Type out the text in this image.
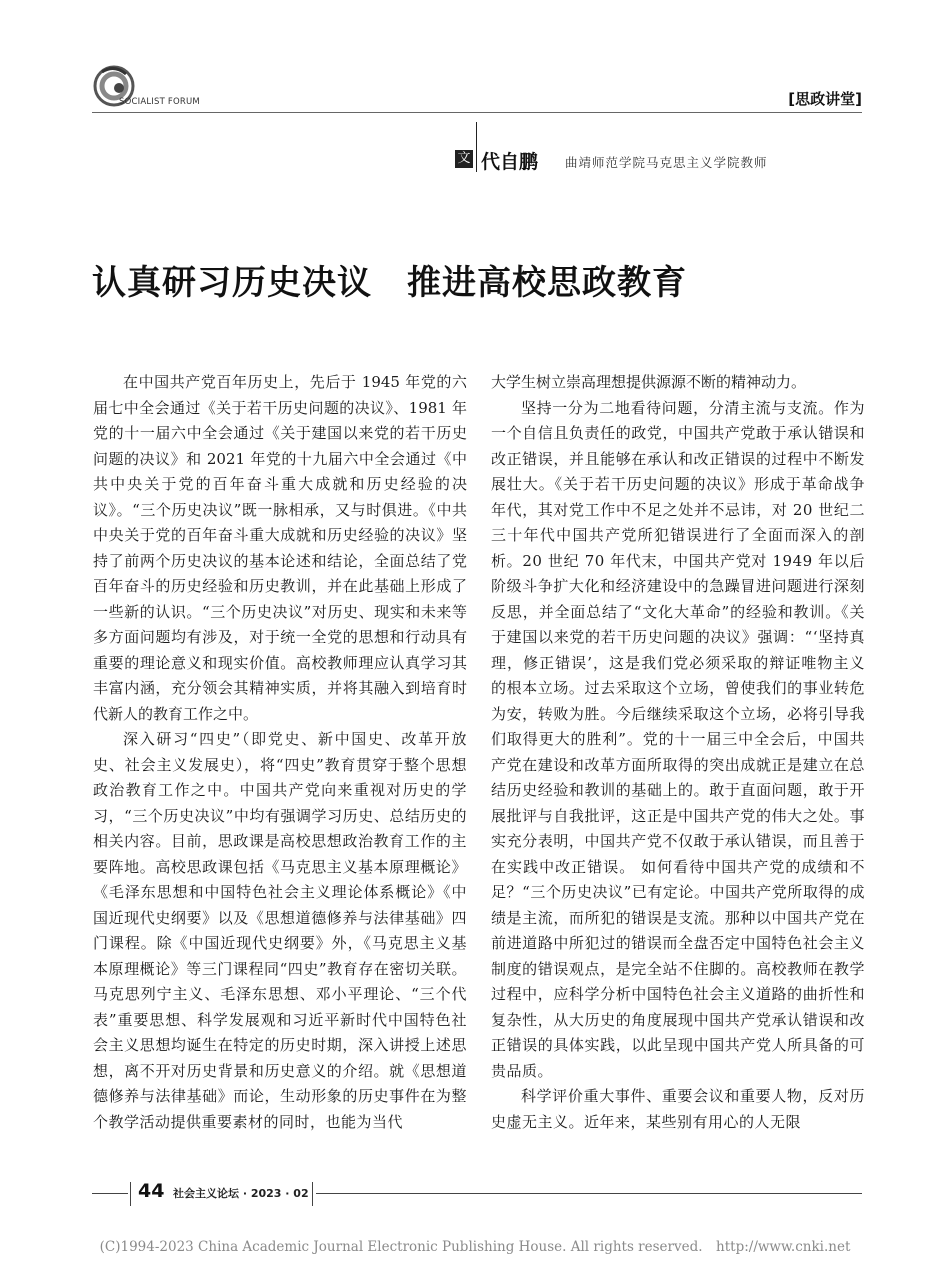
SOCIALIST FORUM	[思政讲堂]
文 代自鹏 曲靖师范学院马克思主义学院教师
认真研习历史决议　推进高校思政教育

在中国共产党百年历史上，先后于 1945 年党的六届七中全会通过《关于若干历史问题的决议》、1981 年党的十一届六中全会通过《关于建国以来党的若干历史问题的决议》和 2021 年党的十九届六中全会通过《中共中央关于党的百年奋斗重大成就和历史经验的决议》。“三个历史决议”既一脉相承，又与时俱进。《中共中央关于党的百年奋斗重大成就和历史经验的决议》坚持了前两个历史决议的基本论述和结论，全面总结了党百年奋斗的历史经验和历史教训，并在此基础上形成了一些新的认识。“三个历史决议”对历史、现实和未来等多方面问题均有涉及，对于统一全党的思想和行动具有重要的理论意义和现实价值。高校教师理应认真学习其丰富内涵，充分领会其精神实质，并将其融入到培育时代新人的教育工作之中。

深入研习“四史”（即党史、新中国史、改革开放史、社会主义发展史），将“四史”教育贯穿于整个思想政治教育工作之中。中国共产党向来重视对历史的学习，“三个历史决议”中均有强调学习历史、总结历史的相关内容。目前，思政课是高校思想政治教育工作的主要阵地。高校思政课包括《马克思主义基本原理概论》《毛泽东思想和中国特色社会主义理论体系概论》《中国近现代史纲要》以及《思想道德修养与法律基础》四门课程。除《中国近现代史纲要》外，《马克思主义基本原理概论》等三门课程同“四史”教育存在密切关联。马克思列宁主义、毛泽东思想、邓小平理论、“三个代表”重要思想、科学发展观和习近平新时代中国特色社会主义思想均诞生在特定的历史时期，深入讲授上述思想，离不开对历史背景和历史意义的介绍。就《思想道德修养与法律基础》而论，生动形象的历史事件在为整个教学活动提供重要素材的同时，也能为当代

大学生树立崇高理想提供源源不断的精神动力。

坚持一分为二地看待问题，分清主流与支流。作为一个自信且负责任的政党，中国共产党敢于承认错误和改正错误，并且能够在承认和改正错误的过程中不断发展壮大。《关于若干历史问题的决议》形成于革命战争年代，其对党工作中不足之处并不忌讳，对 20 世纪二三十年代中国共产党所犯错误进行了全面而深入的剖析。20 世纪 70 年代末，中国共产党对 1949 年以后阶级斗争扩大化和经济建设中的急躁冒进问题进行深刻反思，并全面总结了“文化大革命”的经验和教训。《关于建国以来党的若干历史问题的决议》强调：“‘坚持真理，修正错误’，这是我们党必须采取的辩证唯物主义的根本立场。过去采取这个立场，曾使我们的事业转危为安，转败为胜。今后继续采取这个立场，必将引导我们取得更大的胜利”。党的十一届三中全会后，中国共产党在建设和改革方面所取得的突出成就正是建立在总结历史经验和教训的基础上的。敢于直面问题，敢于开展批评与自我批评，这正是中国共产党的伟大之处。事实充分表明，中国共产党不仅敢于承认错误，而且善于在实践中改正错误。 如何看待中国共产党的成绩和不足？“三个历史决议”已有定论。中国共产党所取得的成绩是主流，而所犯的错误是支流。那种以中国共产党在前进道路中所犯过的错误而全盘否定中国特色社会主义制度的错误观点，是完全站不住脚的。高校教师在教学过程中，应科学分析中国特色社会主义道路的曲折性和复杂性，从大历史的角度展现中国共产党承认错误和改正错误的具体实践，以此呈现中国共产党人所具备的可贵品质。

科学评价重大事件、重要会议和重要人物，反对历史虚无主义。近年来，某些别有用心的人无限

44 社会主义论坛 · 2023 · 02
(C)1994-2023 China Academic Journal Electronic Publishing House. All rights reserved.　http://www.cnki.net
